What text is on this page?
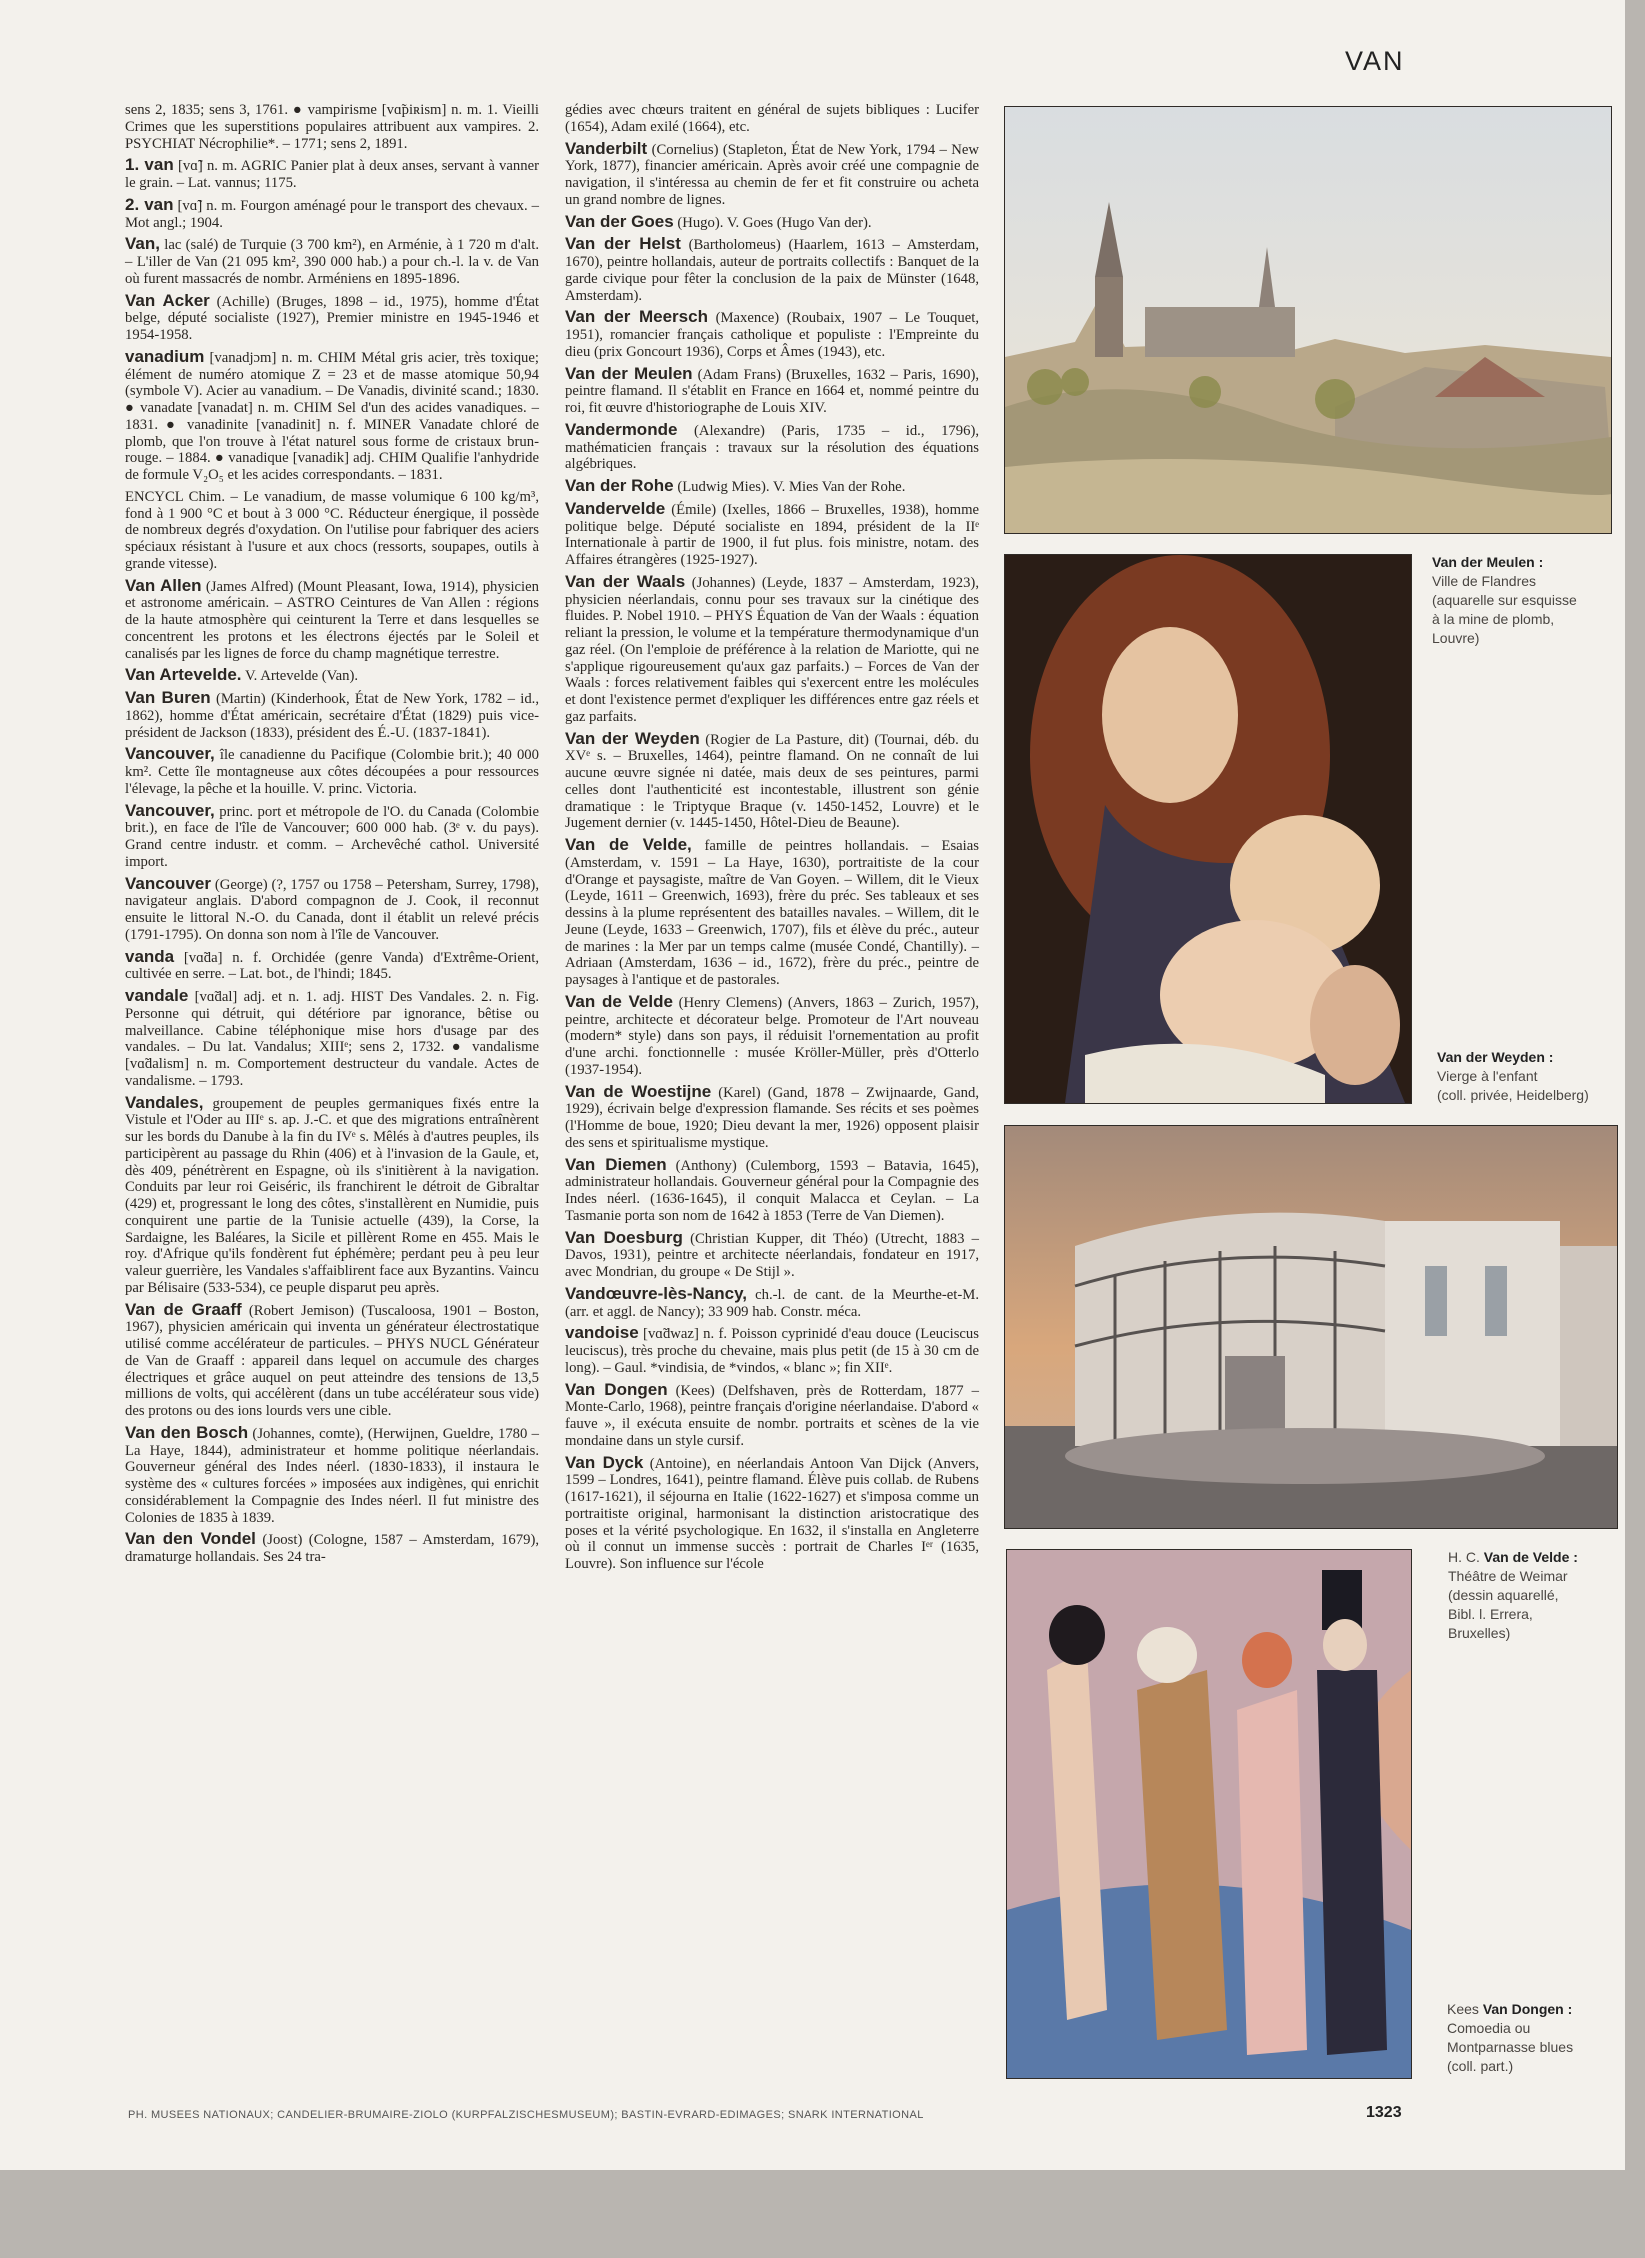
VAN

sens 2, 1835; sens 3, 1761. ● vampirisme [vɑ̃piʀism] n. m. 1. Vieilli Crimes que les superstitions populaires attribuent aux vampires. 2. PSYCHIAT Nécrophilie*. – 1771; sens 2, 1891.

1. van [vɑ̃] n. m. AGRIC Panier plat à deux anses, servant à vanner le grain. – Lat. vannus; 1175.

2. van [vɑ̃] n. m. Fourgon aménagé pour le transport des chevaux. – Mot angl.; 1904.

Van, lac (salé) de Turquie (3 700 km²), en Arménie, à 1 720 m d'alt. – L'iller de Van (21 095 km², 390 000 hab.) a pour ch.-l. la v. de Van où furent massacrés de nombr. Arméniens en 1895-1896.

Van Acker (Achille) (Bruges, 1898 – id., 1975), homme d'État belge, député socialiste (1927), Premier ministre en 1945-1946 et 1954-1958.

vanadium [vanadjɔm] n. m. CHIM Métal gris acier, très toxique; élément de numéro atomique Z = 23 et de masse atomique 50,94 (symbole V). Acier au vanadium. – De Vanadis, divinité scand.; 1830. ● vanadate [vanadat] n. m. CHIM Sel d'un des acides vanadiques. – 1831. ● vanadinite [vanadinit] n. f. MINER Vanadate chloré de plomb, que l'on trouve à l'état naturel sous forme de cristaux brun-rouge. – 1884. ● vanadique [vanadik] adj. CHIM Qualifie l'anhydride de formule V₂O₅ et les acides correspondants. – 1831.

ENCYCL Chim. – Le vanadium, de masse volumique 6 100 kg/m³, fond à 1 900 °C et bout à 3 000 °C. Réducteur énergique, il possède de nombreux degrés d'oxydation. On l'utilise pour fabriquer des aciers spéciaux résistant à l'usure et aux chocs (ressorts, soupapes, outils à grande vitesse).

Van Allen (James Alfred) (Mount Pleasant, Iowa, 1914), physicien et astronome américain. – ASTRO Ceintures de Van Allen : régions de la haute atmosphère qui ceinturent la Terre et dans lesquelles se concentrent les protons et les électrons éjectés par le Soleil et canalisés par les lignes de force du champ magnétique terrestre.

Van Artevelde. V. Artevelde (Van).

Van Buren (Martin) (Kinderhook, État de New York, 1782 – id., 1862), homme d'État américain, secrétaire d'État (1829) puis vice-président de Jackson (1833), président des É.-U. (1837-1841).

Vancouver, île canadienne du Pacifique (Colombie brit.); 40 000 km². Cette île montagneuse aux côtes découpées a pour ressources l'élevage, la pêche et la houille. V. princ. Victoria.

Vancouver, princ. port et métropole de l'O. du Canada (Colombie brit.), en face de l'île de Vancouver; 600 000 hab. (3ᵉ v. du pays). Grand centre industr. et comm. – Archevêché cathol. Université import.

Vancouver (George) (?, 1757 ou 1758 – Petersham, Surrey, 1798), navigateur anglais. D'abord compagnon de J. Cook, il reconnut ensuite le littoral N.-O. du Canada, dont il établit un relevé précis (1791-1795). On donna son nom à l'île de Vancouver.

vanda [vɑ̃da] n. f. Orchidée (genre Vanda) d'Extrême-Orient, cultivée en serre. – Lat. bot., de l'hindi; 1845.

vandale [vɑ̃dal] adj. et n. 1. adj. HIST Des Vandales. 2. n. Fig. Personne qui détruit, qui détériore par ignorance, bêtise ou malveillance. Cabine téléphonique mise hors d'usage par des vandales. – Du lat. Vandalus; XIIIᵉ; sens 2, 1732. ● vandalisme [vɑ̃dalism] n. m. Comportement destructeur du vandale. Actes de vandalisme. – 1793.

Vandales, groupement de peuples germaniques fixés entre la Vistule et l'Oder au IIIᵉ s. ap. J.-C. et que des migrations entraînèrent sur les bords du Danube à la fin du IVᵉ s. Mêlés à d'autres peuples, ils participèrent au passage du Rhin (406) et à l'invasion de la Gaule, et, dès 409, pénétrèrent en Espagne, où ils s'initièrent à la navigation. Conduits par leur roi Geiséric, ils franchirent le détroit de Gibraltar (429) et, progressant le long des côtes, s'installèrent en Numidie, puis conquirent une partie de la Tunisie actuelle (439), la Corse, la Sardaigne, les Baléares, la Sicile et pillèrent Rome en 455. Mais le roy. d'Afrique qu'ils fondèrent fut éphémère; perdant peu à peu leur valeur guerrière, les Vandales s'affaiblirent face aux Byzantins. Vaincu par Bélisaire (533-534), ce peuple disparut peu après.

Van de Graaff (Robert Jemison) (Tuscaloosa, 1901 – Boston, 1967), physicien américain qui inventa un générateur électrostatique utilisé comme accélérateur de particules. – PHYS NUCL Générateur de Van de Graaff : appareil dans lequel on accumule des charges électriques et grâce auquel on peut atteindre des tensions de 13,5 millions de volts, qui accélèrent (dans un tube accélérateur sous vide) des protons ou des ions lourds vers une cible.

Van den Bosch (Johannes, comte), (Herwijnen, Gueldre, 1780 – La Haye, 1844), administrateur et homme politique néerlandais. Gouverneur général des Indes néerl. (1830-1833), il instaura le système des « cultures forcées » imposées aux indigènes, qui enrichit considérablement la Compagnie des Indes néerl. Il fut ministre des Colonies de 1835 à 1839.

Van den Vondel (Joost) (Cologne, 1587 – Amsterdam, 1679), dramaturge hollandais. Ses 24 tra-

gédies avec chœurs traitent en général de sujets bibliques : Lucifer (1654), Adam exilé (1664), etc.

Vanderbilt (Cornelius) (Stapleton, État de New York, 1794 – New York, 1877), financier américain. Après avoir créé une compagnie de navigation, il s'intéressa au chemin de fer et fit construire ou acheta un grand nombre de lignes.

Van der Goes (Hugo). V. Goes (Hugo Van der).

Van der Helst (Bartholomeus) (Haarlem, 1613 – Amsterdam, 1670), peintre hollandais, auteur de portraits collectifs : Banquet de la garde civique pour fêter la conclusion de la paix de Münster (1648, Amsterdam).

Van der Meersch (Maxence) (Roubaix, 1907 – Le Touquet, 1951), romancier français catholique et populiste : l'Empreinte du dieu (prix Goncourt 1936), Corps et Âmes (1943), etc.

Van der Meulen (Adam Frans) (Bruxelles, 1632 – Paris, 1690), peintre flamand. Il s'établit en France en 1664 et, nommé peintre du roi, fit œuvre d'historiographe de Louis XIV.

Vandermonde (Alexandre) (Paris, 1735 – id., 1796), mathématicien français : travaux sur la résolution des équations algébriques.

Van der Rohe (Ludwig Mies). V. Mies Van der Rohe.

Vandervelde (Émile) (Ixelles, 1866 – Bruxelles, 1938), homme politique belge. Député socialiste en 1894, président de la IIᵉ Internationale à partir de 1900, il fut plus. fois ministre, notam. des Affaires étrangères (1925-1927).

Van der Waals (Johannes) (Leyde, 1837 – Amsterdam, 1923), physicien néerlandais, connu pour ses travaux sur la cinétique des fluides. P. Nobel 1910. – PHYS Équation de Van der Waals : équation reliant la pression, le volume et la température thermodynamique d'un gaz réel. (On l'emploie de préférence à la relation de Mariotte, qui ne s'applique rigoureusement qu'aux gaz parfaits.) – Forces de Van der Waals : forces relativement faibles qui s'exercent entre les molécules et dont l'existence permet d'expliquer les différences entre gaz réels et gaz parfaits.

Van der Weyden (Rogier de La Pasture, dit) (Tournai, déb. du XVᵉ s. – Bruxelles, 1464), peintre flamand. On ne connaît de lui aucune œuvre signée ni datée, mais deux de ses peintures, parmi celles dont l'authenticité est incontestable, illustrent son génie dramatique : le Triptyque Braque (v. 1450-1452, Louvre) et le Jugement dernier (v. 1445-1450, Hôtel-Dieu de Beaune).

Van de Velde, famille de peintres hollandais. – Esaias (Amsterdam, v. 1591 – La Haye, 1630), portraitiste de la cour d'Orange et paysagiste, maître de Van Goyen. – Willem, dit le Vieux (Leyde, 1611 – Greenwich, 1693), frère du préc. Ses tableaux et ses dessins à la plume représentent des batailles navales. – Willem, dit le Jeune (Leyde, 1633 – Greenwich, 1707), fils et élève du préc., auteur de marines : la Mer par un temps calme (musée Condé, Chantilly). – Adriaan (Amsterdam, 1636 – id., 1672), frère du préc., peintre de paysages à l'antique et de pastorales.

Van de Velde (Henry Clemens) (Anvers, 1863 – Zurich, 1957), peintre, architecte et décorateur belge. Promoteur de l'Art nouveau (modern* style) dans son pays, il réduisit l'ornementation au profit d'une archi. fonctionnelle : musée Kröller-Müller, près d'Otterlo (1937-1954).

Van de Woestijne (Karel) (Gand, 1878 – Zwijnaarde, Gand, 1929), écrivain belge d'expression flamande. Ses récits et ses poèmes (l'Homme de boue, 1920; Dieu devant la mer, 1926) opposent plaisir des sens et spiritualisme mystique.

Van Diemen (Anthony) (Culemborg, 1593 – Batavia, 1645), administrateur hollandais. Gouverneur général pour la Compagnie des Indes néerl. (1636-1645), il conquit Malacca et Ceylan. – La Tasmanie porta son nom de 1642 à 1853 (Terre de Van Diemen).

Van Doesburg (Christian Kupper, dit Théo) (Utrecht, 1883 – Davos, 1931), peintre et architecte néerlandais, fondateur en 1917, avec Mondrian, du groupe « De Stijl ».

Vandœuvre-lès-Nancy, ch.-l. de cant. de la Meurthe-et-M. (arr. et aggl. de Nancy); 33 909 hab. Constr. méca.

vandoise [vɑ̃dwaz] n. f. Poisson cyprinidé d'eau douce (Leuciscus leuciscus), très proche du chevaine, mais plus petit (de 15 à 30 cm de long). – Gaul. *vindisia, de *vindos, « blanc »; fin XIIᵉ.

Van Dongen (Kees) (Delfshaven, près de Rotterdam, 1877 – Monte-Carlo, 1968), peintre français d'origine néerlandaise. D'abord « fauve », il exécuta ensuite de nombr. portraits et scènes de la vie mondaine dans un style cursif.

Van Dyck (Antoine), en néerlandais Antoon Van Dijck (Anvers, 1599 – Londres, 1641), peintre flamand. Élève puis collab. de Rubens (1617-1621), il séjourna en Italie (1622-1627) et s'imposa comme un portraitiste original, harmonisant la distinction aristocratique des poses et la vérité psychologique. En 1632, il s'installa en Angleterre où il connut un immense succès : portrait de Charles Iᵉʳ (1635, Louvre). Son influence sur l'école

Van der Meulen :
Ville de Flandres
(aquarelle sur esquisse
à la mine de plomb,
Louvre)
Van der Weyden :
Vierge à l'enfant
(coll. privée, Heidelberg)
H. C. Van de Velde :
Théâtre de Weimar
(dessin aquarellé,
Bibl. l. Errera,
Bruxelles)
Kees Van Dongen :
Comoedia ou
Montparnasse blues
(coll. part.)
PH. MUSEES NATIONAUX; CANDELIER-BRUMAIRE-ZIOLO (KURPFALZISCHESMUSEUM); BASTIN-EVRARD-EDIMAGES; SNARK INTERNATIONAL	1323
